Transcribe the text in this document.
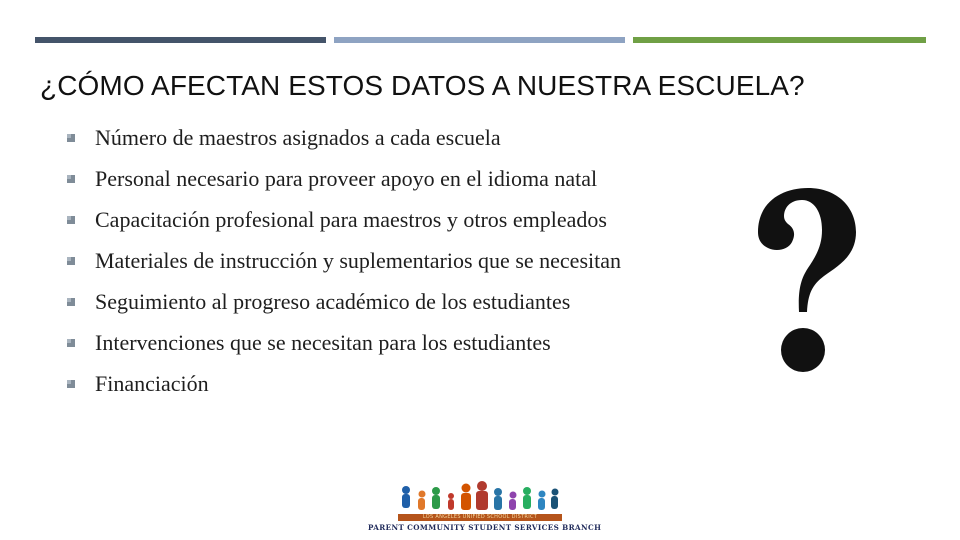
¿CÓMO AFECTAN ESTOS DATOS A NUESTRA ESCUELA?
Número de maestros asignados a cada escuela
Personal necesario para proveer apoyo en el idioma natal
Capacitación profesional para maestros y otros empleados
Materiales de instrucción y suplementarios que se necesitan
Seguimiento al progreso académico de los estudiantes
Intervenciones que se necesitan para los estudiantes
Financiación
LOS ANGELES UNIFIED SCHOOL DISTRICT
PARENT COMMUNITY STUDENT SERVICES BRANCH
